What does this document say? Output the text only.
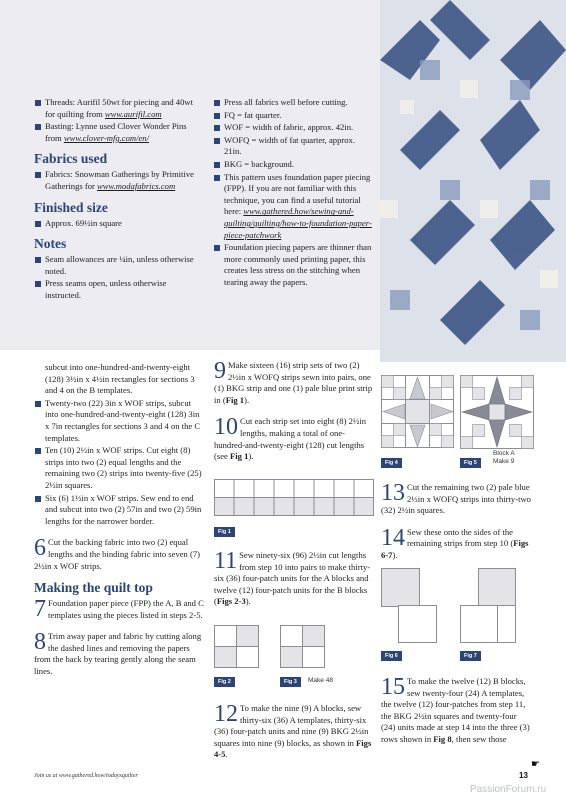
Threads: Aurifil 50wt for piecing and 40wt for quilting from www.aurifil.com
Basting: Lynne used Clover Wonder Pins from www.clover-mfg.com/en/
Fabrics used
Fabrics: Snowman Gatherings by Primitive Gatherings for www.modafabrics.com
Finished size
Approx. 69½in square
Notes
Seam allowances are ¼in, unless otherwise noted.
Press seams open, unless otherwise instructed.
Press all fabrics well before cutting.
FQ = fat quarter.
WOF = width of fabric, approx. 42in.
WOFQ = width of fat quarter, approx. 21in.
BKG = background.
This pattern uses foundation paper piecing (FPP). If you are not familiar with this technique, you can find a useful tutorial here: www.gathered.how/sewing-and-quilting/quilting/how-to-foundation-paper-piece-patchwork
Foundation piecing papers are thinner than more commonly used printing paper, this creates less stress on the stitching when tearing away the papers.
subcut into one-hundred-and-twenty-eight (128) 3½in x 4½in rectangles for sections 3 and 4 on the B templates.
Twenty-two (22) 3in x WOF strips, subcut into one-hundred-and-twenty-eight (128) 3in x 7in rectangles for sections 3 and 4 on the C templates.
Ten (10) 2½in x WOF strips. Cut eight (8) strips into two (2) equal lengths and the remaining two (2) strips into twenty-five (25) 2½in squares.
Six (6) 1½in x WOF strips. Sew end to end and subcut into two (2) 57in and two (2) 59in lengths for the narrower border.
6 Cut the backing fabric into two (2) equal lengths and the binding fabric into seven (7) 2½in x WOF strips.
Making the quilt top
7 Foundation paper piece (FPP) the A, B and C templates using the pieces listed in steps 2-5.
8 Trim away paper and fabric by cutting along the dashed lines and removing the papers from the back by tearing gently along the seam lines.
9 Make sixteen (16) strip sets of two (2) 2½in x WOFQ strips sewn into pairs, one (1) BKG strip and one (1) pale blue print strip in (Fig 1).
10 Cut each strip set into eight (8) 2½in lengths, making a total of one-hundred-and-twenty-eight (128) cut lengths (see Fig 1).
Fig 1
11 Sew ninety-six (96) 2½in cut lengths from step 10 into pairs to make thirty-six (36) four-patch units for the A blocks and twelve (12) four-patch units for the B blocks (Figs 2-3).
Fig 2	Fig 3	Make 48
12 To make the nine (9) A blocks, sew thirty-six (36) A templates, thirty-six (36) four-patch units and nine (9) BKG 2½in squares into nine (9) blocks, as shown in Figs 4-5.
Fig 4	Fig 5
Block A
Make 9
13 Cut the remaining two (2) pale blue 2½in x WOFQ strips into thirty-two (32) 2½in squares.
14 Sew these onto the sides of the remaining strips from step 10 (Figs 6-7).
Fig 6	Fig 7
15 To make the twelve (12) B blocks, sew twenty-four (24) A templates, the twelve (12) four-patches from step 11, the BKG 2½in squares and twenty-four (24) units made at step 14 into the three (3) rows shown in Fig 8, then sew those
☛
Join us at www.gathered.how/todaysquilter	13
PassionForum.ru
